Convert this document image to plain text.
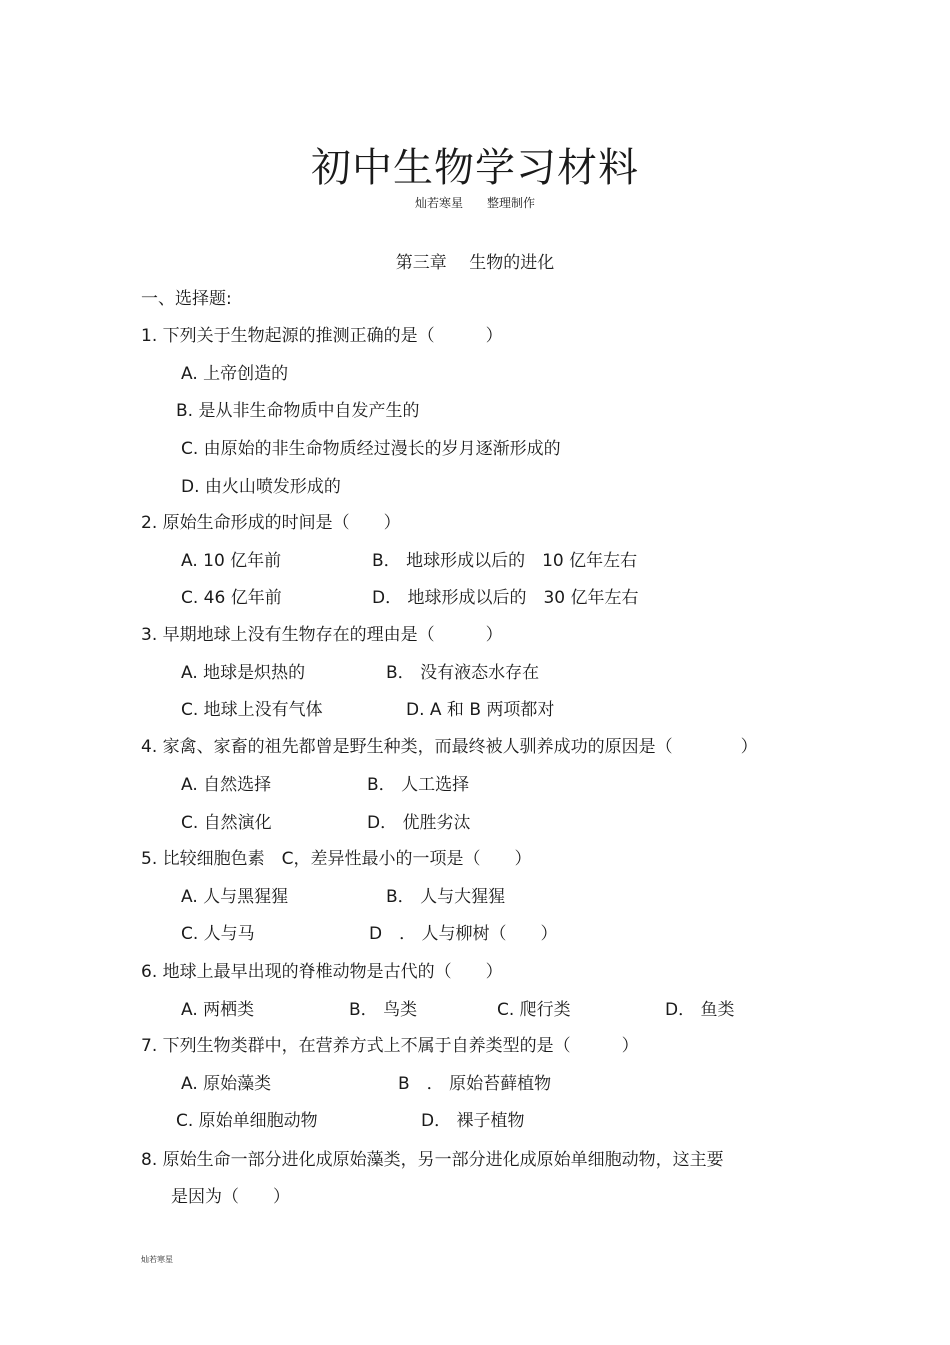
初中生物学习材料
灿若寒星　　整理制作
第三章　 生物的进化
一、选择题:
1. 下列关于生物起源的推测正确的是（　　　）
A. 上帝创造的
B. 是从非生命物质中自发产生的
C. 由原始的非生命物质经过漫长的岁月逐渐形成的
D. 由火山喷发形成的
2. 原始生命形成的时间是（　　）
A. 10 亿年前	B． 地球形成以后的　10 亿年左右
C. 46 亿年前	D． 地球形成以后的　30 亿年左右
3. 早期地球上没有生物存在的理由是（　　　）
A. 地球是炽热的	B． 没有液态水存在
C. 地球上没有气体	D. A 和 B 两项都对
4. 家禽、家畜的祖先都曾是野生种类，而最终被人驯养成功的原因是（　　　　）
A. 自然选择	B． 人工选择
C. 自然演化	D． 优胜劣汰
5. 比较细胞色素　C，差异性最小的一项是（　　）
A. 人与黑猩猩	B． 人与大猩猩
C. 人与马	D　． 人与柳树（　　）
6. 地球上最早出现的脊椎动物是古代的（　　）
A. 两栖类	B． 鸟类	C. 爬行类	D． 鱼类
7. 下列生物类群中，在营养方式上不属于自养类型的是（　　　）
A. 原始藻类	B　． 原始苔藓植物
C. 原始单细胞动物	D． 裸子植物
8. 原始生命一部分进化成原始藻类，另一部分进化成原始单细胞动物，这主要
是因为（　　）
灿若寒星
